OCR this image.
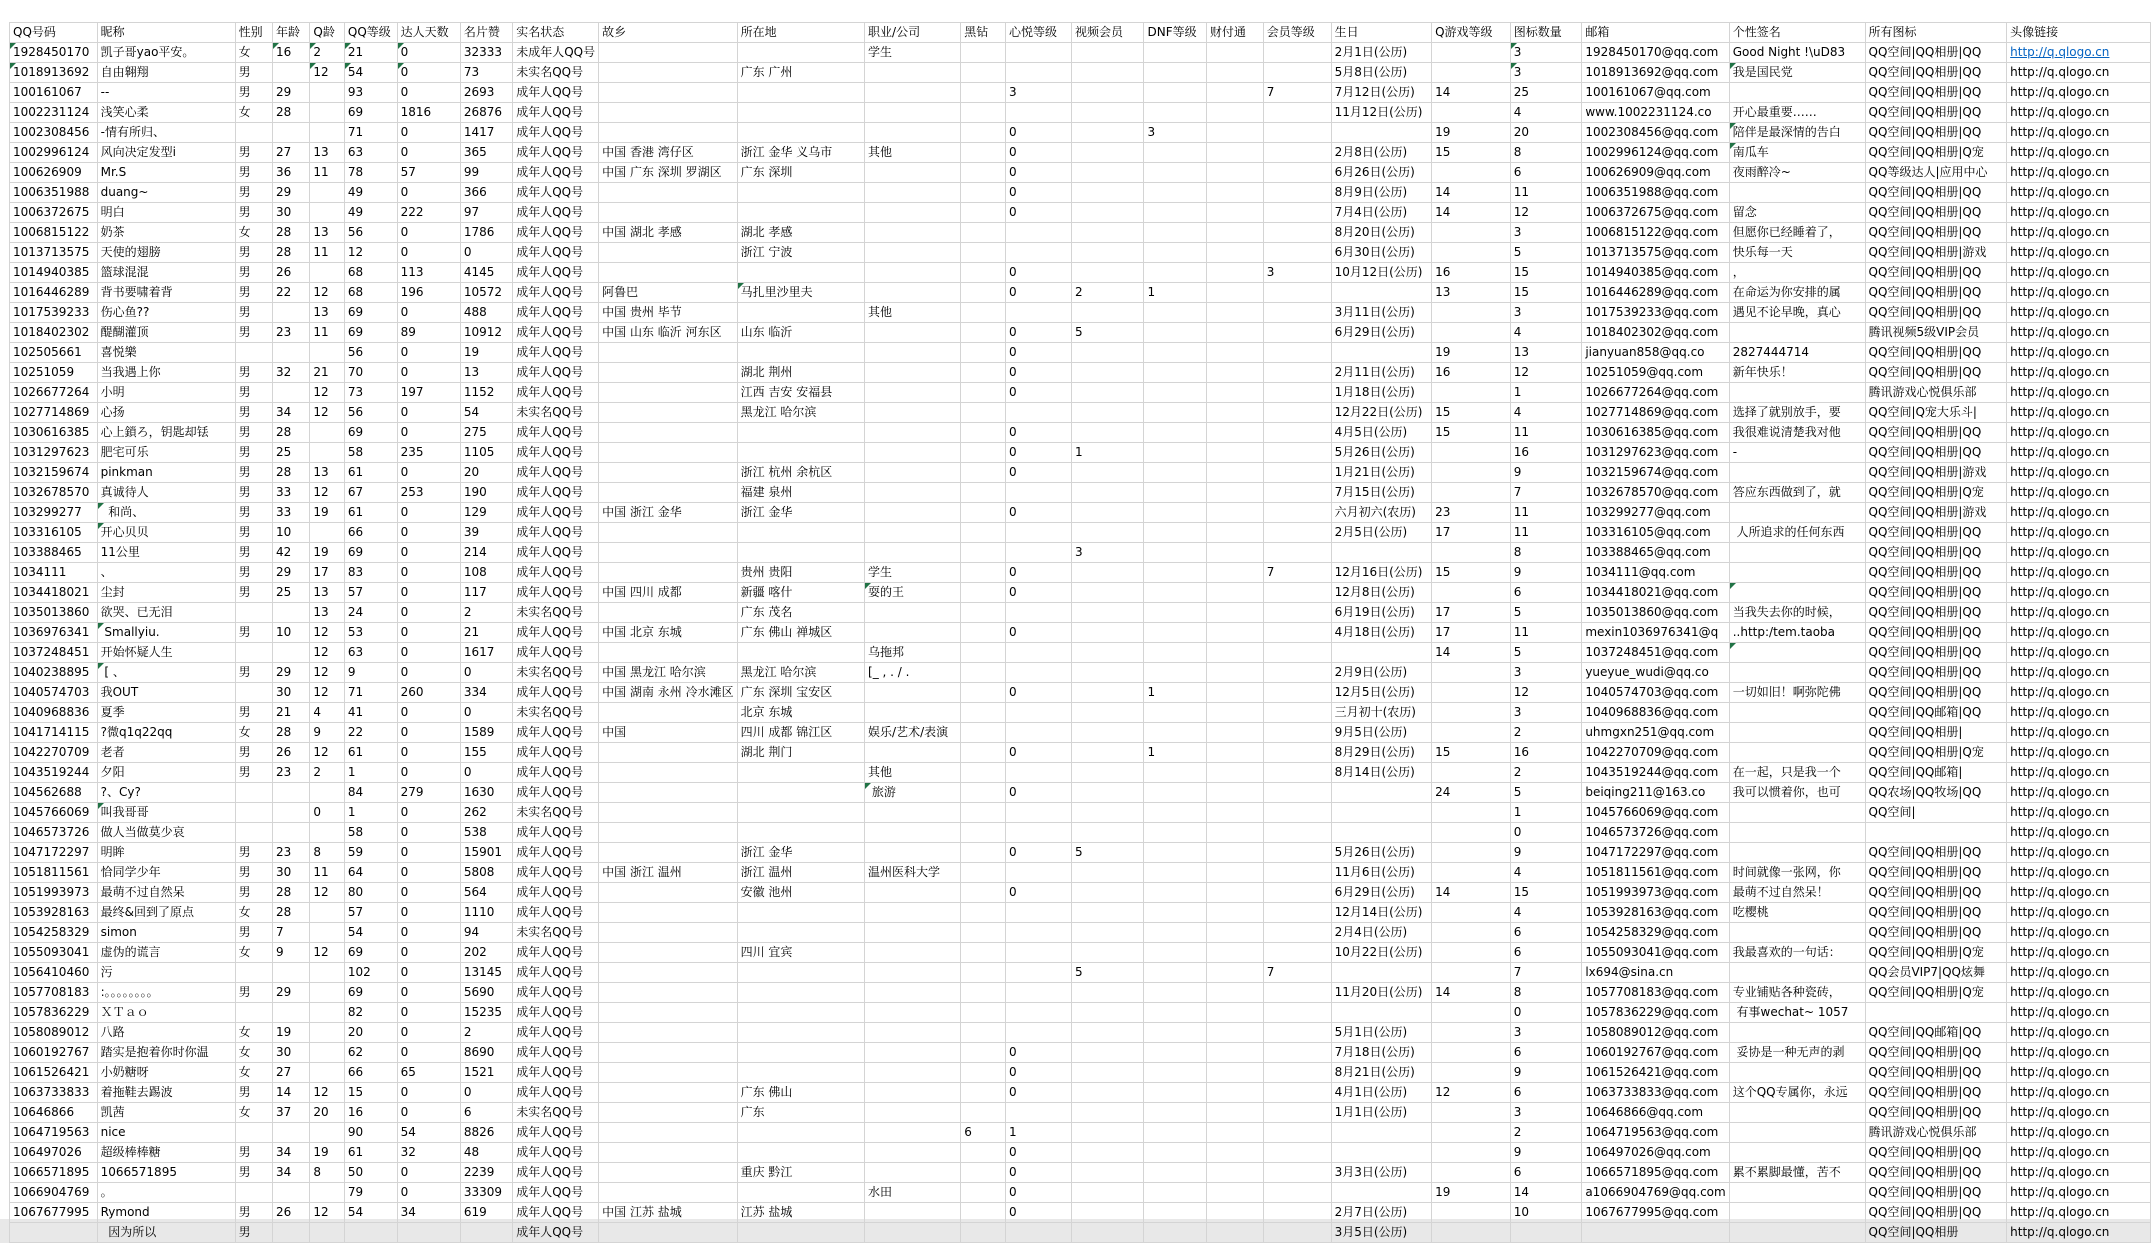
QQ号码	昵称	性别	年龄	Q龄	QQ等级	达人天数	名片赞	实名状态	故乡	所在地	职业/公司	黑钻	心悦等级	视频会员	DNF等级	财付通	会员等级	生日	Q游戏等级	图标数量	邮箱	个性签名	所有图标	头像链接
1928450170	凯子哥yao平安。	女	16	2	21	0	32333	未成年人QQ号			学生							2月1日(公历)		3	1928450170@qq.com	Good Night !\uD83	QQ空间|QQ相册|QQ	http://q.qlogo.cn
1018913692	自由翱翔	男		12	54	0	73	未实名QQ号		广东 广州								5月8日(公历)		3	1018913692@qq.com	我是国民党	QQ空间|QQ相册|QQ	http://q.qlogo.cn
100161067	--	男	29		93	0	2693	成年人QQ号					3				7	7月12日(公历)	14	25	100161067@qq.com		QQ空间|QQ相册|QQ	http://q.qlogo.cn
1002231124	浅笑心柔	女	28		69	1816	26876	成年人QQ号										11月12日(公历)		4	www.1002231124.co	开心最重要……	QQ空间|QQ相册|QQ	http://q.qlogo.cn
1002308456	-情有所归、				71	0	1417	成年人QQ号					0		3				19	20	1002308456@qq.com	陪伴是最深情的告白	QQ空间|QQ相册|QQ	http://q.qlogo.cn
1002996124	风向决定发型i	男	27	13	63	0	365	成年人QQ号	中国 香港 湾仔区	浙江 金华 义乌市	其他		0					2月8日(公历)	15	8	1002996124@qq.com	南瓜车	QQ空间|QQ相册|Q宠	http://q.qlogo.cn
100626909	Mr.S	男	36	11	78	57	99	成年人QQ号	中国 广东 深圳 罗湖区	广东 深圳			0					6月26日(公历)		6	100626909@qq.com	夜雨醉冷~	QQ等级达人|应用中心	http://q.qlogo.cn
1006351988	duang~	男	29		49	0	366	成年人QQ号					0					8月9日(公历)	14	11	1006351988@qq.com		QQ空间|QQ相册|QQ	http://q.qlogo.cn
1006372675	明白	男	30		49	222	97	成年人QQ号					0					7月4日(公历)	14	12	1006372675@qq.com	留念	QQ空间|QQ相册|QQ	http://q.qlogo.cn
1006815122	奶茶	女	28	13	56	0	1786	成年人QQ号	中国 湖北 孝感	湖北 孝感								8月20日(公历)		3	1006815122@qq.com	但愿你已经睡着了，	QQ空间|QQ相册|QQ	http://q.qlogo.cn
1013713575	天使的翅膀	男	28	11	12	0	0	成年人QQ号		浙江 宁波								6月30日(公历)		5	1013713575@qq.com	快乐每一天	QQ空间|QQ相册|游戏	http://q.qlogo.cn
1014940385	篮球混混	男	26		68	113	4145	成年人QQ号					0				3	10月12日(公历)	16	15	1014940385@qq.com	，	QQ空间|QQ相册|QQ	http://q.qlogo.cn
1016446289	背书要啸着背	男	22	12	68	196	10572	成年人QQ号	阿鲁巴	马扎里沙里夫			0	2	1				13	15	1016446289@qq.com	在命运为你安排的属	QQ空间|QQ相册|QQ	http://q.qlogo.cn
1017539233	伤心鱼??	男		13	69	0	488	成年人QQ号	中国 贵州 毕节		其他							3月11日(公历)		3	1017539233@qq.com	遇见不论早晚，真心	QQ空间|QQ相册|QQ	http://q.qlogo.cn
1018402302	醍醐灌顶	男	23	11	69	89	10912	成年人QQ号	中国 山东 临沂 河东区	山东 临沂			0	5				6月29日(公历)		4	1018402302@qq.com		腾讯视频5级VIP会员	http://q.qlogo.cn
102505661	喜悦樂				56	0	19	成年人QQ号					0						19	13	jianyuan858@qq.co	2827444714	QQ空间|QQ相册|QQ	http://q.qlogo.cn
10251059	当我遇上你	男	32	21	70	0	13	成年人QQ号		湖北 荆州			0					2月11日(公历)	16	12	10251059@qq.com	新年快乐！	QQ空间|QQ相册|QQ	http://q.qlogo.cn
1026677264	小明	男		12	73	197	1152	成年人QQ号		江西 吉安 安福县			0					1月18日(公历)		1	1026677264@qq.com		腾讯游戏心悦俱乐部	http://q.qlogo.cn
1027714869	心扬	男	34	12	56	0	54	未实名QQ号		黑龙江 哈尔滨								12月22日(公历)	15	4	1027714869@qq.com	选择了就别放手，要	QQ空间|Q宠大乐斗|	http://q.qlogo.cn
1030616385	心上鎖ろ，钥匙却铥	男	28		69	0	275	成年人QQ号					0					4月5日(公历)	15	11	1030616385@qq.com	我很难说清楚我对他	QQ空间|QQ相册|QQ	http://q.qlogo.cn
1031297623	肥宅可乐	男	25		58	235	1105	成年人QQ号					0	1				5月26日(公历)		16	1031297623@qq.com	-	QQ空间|QQ相册|QQ	http://q.qlogo.cn
1032159674	pinkman	男	28	13	61	0	20	成年人QQ号		浙江 杭州 余杭区			0					1月21日(公历)		9	1032159674@qq.com		QQ空间|QQ相册|游戏	http://q.qlogo.cn
1032678570	真诚待人	男	33	12	67	253	190	成年人QQ号		福建 泉州								7月15日(公历)		7	1032678570@qq.com	答应东西做到了，就	QQ空间|QQ相册|Q宠	http://q.qlogo.cn
103299277	和尚、	男	33	19	61	0	129	成年人QQ号	中国 浙江 金华	浙江 金华			0					六月初六(农历)	23	11	103299277@qq.com		QQ空间|QQ相册|游戏	http://q.qlogo.cn
103316105	开心贝贝	男	10		66	0	39	成年人QQ号										2月5日(公历)	17	11	103316105@qq.com	人所追求的任何东西	QQ空间|QQ相册|QQ	http://q.qlogo.cn
103388465	11公里	男	42	19	69	0	214	成年人QQ号						3						8	103388465@qq.com		QQ空间|QQ相册|QQ	http://q.qlogo.cn
1034111	、	男	29	17	83	0	108	成年人QQ号		贵州 贵阳	学生		0				7	12月16日(公历)	15	9	1034111@qq.com		QQ空间|QQ相册|QQ	http://q.qlogo.cn
1034418021	尘封	男	25	13	57	0	117	成年人QQ号	中国 四川 成都	新疆 喀什	耍的王		0					12月8日(公历)		6	1034418021@qq.com		QQ空间|QQ相册|QQ	http://q.qlogo.cn
1035013860	欲哭、已无泪			13	24	0	2	未实名QQ号		广东 茂名								6月19日(公历)	17	5	1035013860@qq.com	当我失去你的时候，	QQ空间|QQ相册|QQ	http://q.qlogo.cn
1036976341	Smallyiu.	男	10	12	53	0	21	成年人QQ号	中国 北京 东城	广东 佛山 禅城区			0					4月18日(公历)	17	11	mexin1036976341@q	..http:/tem.taoba	QQ空间|QQ相册|QQ	http://q.qlogo.cn
1037248451	开始怀疑人生			12	63	0	1617	成年人QQ号			乌拖邦								14	5	1037248451@qq.com		QQ空间|QQ相册|QQ	http://q.qlogo.cn
1040238895	[ 、	男	29	12	9	0	0	未实名QQ号	中国 黑龙江 哈尔滨	黑龙江 哈尔滨	[_ , . / .							2月9日(公历)		3	yueyue_wudi@qq.co		QQ空间|QQ相册|QQ	http://q.qlogo.cn
1040574703	我OUT		30	12	71	260	334	成年人QQ号	中国 湖南 永州 冷水滩区	广东 深圳 宝安区			0		1			12月5日(公历)		12	1040574703@qq.com	一切如旧！啊弥陀佛	QQ空间|QQ相册|QQ	http://q.qlogo.cn
1040968836	夏季	男	21	4	41	0	0	未实名QQ号		北京 东城								三月初十(农历)		3	1040968836@qq.com		QQ空间|QQ邮箱|QQ	http://q.qlogo.cn
1041714115	?微q1q22qq	女	28	9	22	0	1589	成年人QQ号	中国	四川 成都 锦江区	娱乐/艺术/表演							9月5日(公历)		2	uhmgxn251@qq.com		QQ空间|QQ相册|	http://q.qlogo.cn
1042270709	老者	男	26	12	61	0	155	成年人QQ号		湖北 荆门			0		1			8月29日(公历)	15	16	1042270709@qq.com		QQ空间|QQ相册|Q宠	http://q.qlogo.cn
1043519244	夕阳	男	23	2	1	0	0	成年人QQ号			其他							8月14日(公历)		2	1043519244@qq.com	在一起，只是我一个	QQ空间|QQ邮箱|	http://q.qlogo.cn
104562688	?、Cy?				84	279	1630	成年人QQ号			旅游		0						24	5	beiqing211@163.co	我可以惯着你，也可	QQ农场|QQ牧场|QQ	http://q.qlogo.cn
1045766069	叫我哥哥			0	1	0	262	未实名QQ号												1	1045766069@qq.com		QQ空间|	http://q.qlogo.cn
1046573726	做人当做莫少哀				58	0	538	成年人QQ号												0	1046573726@qq.com			http://q.qlogo.cn
1047172297	明眸	男	23	8	59	0	15901	成年人QQ号		浙江 金华			0	5				5月26日(公历)		9	1047172297@qq.com		QQ空间|QQ相册|QQ	http://q.qlogo.cn
1051811561	恰同学少年	男	30	11	64	0	5808	成年人QQ号	中国 浙江 温州	浙江 温州	温州医科大学							11月6日(公历)		4	1051811561@qq.com	时间就像一张网，你	QQ空间|QQ相册|QQ	http://q.qlogo.cn
1051993973	最萌不过自然呆	男	28	12	80	0	564	成年人QQ号		安徽 池州			0					6月29日(公历)	14	15	1051993973@qq.com	最萌不过自然呆！	QQ空间|QQ相册|QQ	http://q.qlogo.cn
1053928163	最终&回到了原点	女	28		57	0	1110	成年人QQ号										12月14日(公历)		4	1053928163@qq.com	吃樱桃	QQ空间|QQ相册|QQ	http://q.qlogo.cn
1054258329	simon	男	7		54	0	94	未实名QQ号										2月4日(公历)		6	1054258329@qq.com		QQ空间|QQ相册|QQ	http://q.qlogo.cn
1055093041	虚伪的谎言	女	9	12	69	0	202	成年人QQ号		四川 宜宾								10月22日(公历)		6	1055093041@qq.com	我最喜欢的一句话：	QQ空间|QQ相册|Q宠	http://q.qlogo.cn
1056410460	污				102	0	13145	成年人QQ号						5			7			7	lx694@sina.cn		QQ会员VIP7|QQ炫舞	http://q.qlogo.cn
1057708183	:。。。。。。。。	男	29		69	0	5690	成年人QQ号										11月20日(公历)	14	8	1057708183@qq.com	专业铺贴各种瓷砖，	QQ空间|QQ相册|Q宠	http://q.qlogo.cn
1057836229	ＸＴａｏ				82	0	15235	成年人QQ号												0	1057836229@qq.com	有事wechat~ 1057		http://q.qlogo.cn
1058089012	八路	女	19		20	0	2	成年人QQ号										5月1日(公历)		3	1058089012@qq.com		QQ空间|QQ邮箱|QQ	http://q.qlogo.cn
1060192767	踏实是抱着你时你温	女	30		62	0	8690	成年人QQ号					0					7月18日(公历)		6	1060192767@qq.com	妥协是一种无声的剥	QQ空间|QQ相册|QQ	http://q.qlogo.cn
1061526421	小奶糖呀	女	27		66	65	1521	成年人QQ号					0					8月21日(公历)		9	1061526421@qq.com		QQ空间|QQ相册|QQ	http://q.qlogo.cn
1063733833	着拖鞋去踢波	男	14	12	15	0	0	成年人QQ号		广东 佛山			0					4月1日(公历)	12	6	1063733833@qq.com	这个QQ专属你，永远	QQ空间|QQ相册|QQ	http://q.qlogo.cn
10646866	凯茜	女	37	20	16	0	6	未实名QQ号		广东								1月1日(公历)		3	10646866@qq.com		QQ空间|QQ相册|QQ	http://q.qlogo.cn
1064719563	nice				90	54	8826	成年人QQ号				6	1							2	1064719563@qq.com		腾讯游戏心悦俱乐部	http://q.qlogo.cn
106497026	超级棒棒糖	男	34	19	61	32	48	成年人QQ号					0							9	106497026@qq.com		QQ空间|QQ相册|QQ	http://q.qlogo.cn
1066571895	1066571895	男	34	8	50	0	2239	成年人QQ号		重庆 黔江			0					3月3日(公历)		6	1066571895@qq.com	累不累脚最懂，苦不	QQ空间|QQ相册|QQ	http://q.qlogo.cn
1066904769	。				79	0	33309	成年人QQ号			水田		0						19	14	a1066904769@qq.com		QQ空间|QQ相册|QQ	http://q.qlogo.cn
1067677995	Rymond	男	26	12	54	34	619	成年人QQ号	中国 江苏 盐城	江苏 盐城			0					2月7日(公历)		10	1067677995@qq.com		QQ空间|QQ相册|QQ	http://q.qlogo.cn
	因为所以	男						成年人QQ号										3月5日(公历)					QQ空间|QQ相册	http://q.qlogo.cn
